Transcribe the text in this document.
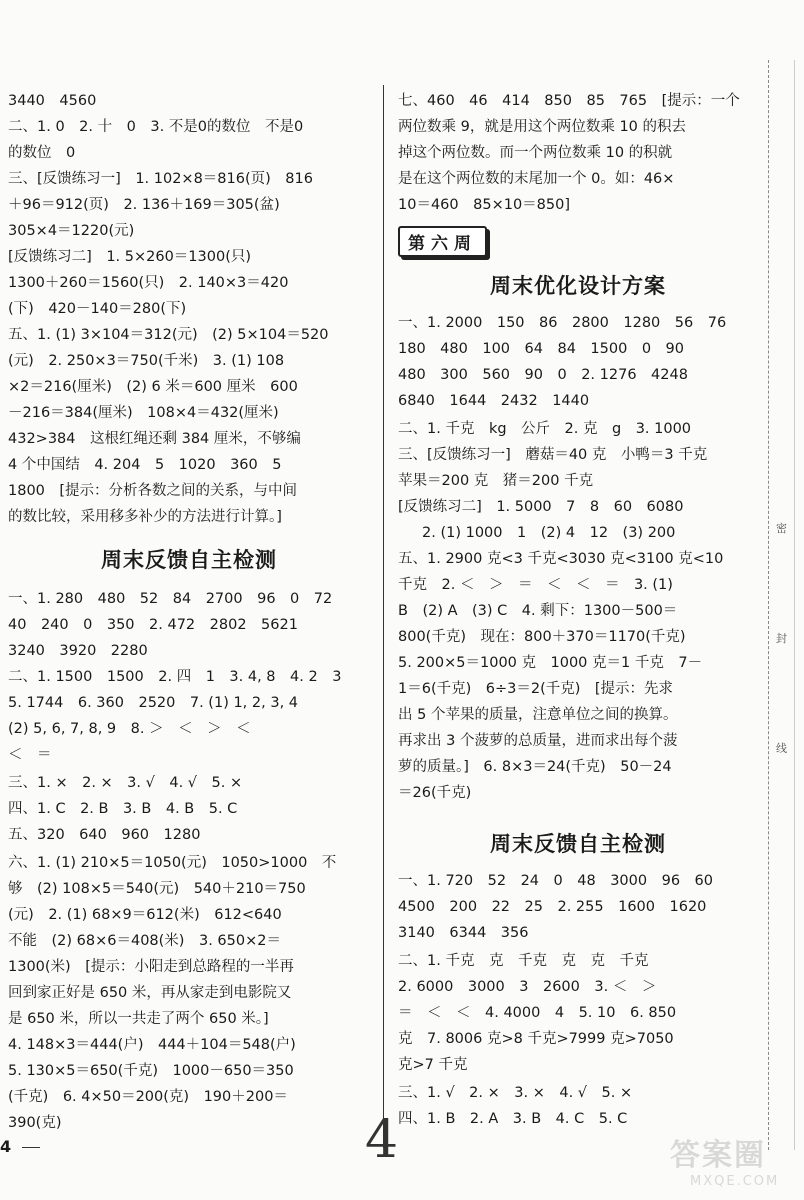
密
封
线
3440　4560
二、1. 0　2. 十　0　3. 不是0的数位　不是0
的数位　0
三、[反馈练习一]　1. 102×8＝816(页)　816
＋96＝912(页)　2. 136＋169＝305(盆)
305×4＝1220(元)
[反馈练习二]　1. 5×260＝1300(只)
1300＋260＝1560(只)　2. 140×3＝420
(下)　420－140＝280(下)
五、1. (1) 3×104＝312(元)　(2) 5×104＝520
(元)　2. 250×3＝750(千米)　3. (1) 108
×2＝216(厘米)　(2) 6 米＝600 厘米　600
－216＝384(厘米)　108×4＝432(厘米)
432>384　这根红绳还剩 384 厘米，不够编
4 个中国结　4. 204　5　1020　360　5
1800　[提示：分析各数之间的关系，与中间
的数比较，采用移多补少的方法进行计算。]
周末反馈自主检测
一、1. 280　480　52　84　2700　96　0　72
40　240　0　350　2. 472　2802　5621
3240　3920　2280
二、1. 1500　1500　2. 四　1　3. 4, 8　4. 2　3
5. 1744　6. 360　2520　7. (1) 1, 2, 3, 4
(2) 5, 6, 7, 8, 9　8. ＞　＜　＞　＜
＜　＝
三、1. ×　2. ×　3. √　4. √　5. ×
四、1. C　2. B　3. B　4. B　5. C
五、320　640　960　1280
六、1. (1) 210×5＝1050(元)　1050>1000　不
够　(2) 108×5＝540(元)　540＋210＝750
(元)　2. (1) 68×9＝612(米)　612<640
不能　(2) 68×6＝408(米)　3. 650×2＝
1300(米)　[提示：小阳走到总路程的一半再
回到家正好是 650 米，再从家走到电影院又
是 650 米，所以一共走了两个 650 米。]
4. 148×3＝444(户)　444＋104＝548(户)
5. 130×5＝650(千克)　1000－650＝350
(千克)　6. 4×50＝200(克)　190＋200＝
390(克)
七、460　46　414　850　85　765　[提示：一个
两位数乘 9，就是用这个两位数乘 10 的积去
掉这个两位数。而一个两位数乘 10 的积就
是在这个两位数的末尾加一个 0。如：46×
10＝460　85×10＝850]
第六周
周末优化设计方案
一、1. 2000　150　86　2800　1280　56　76
180　480　100　64　84　1500　0　90
480　300　560　90　0　2. 1276　4248
6840　1644　2432　1440
二、1. 千克　kg　公斤　2. 克　g　3. 1000
三、[反馈练习一]　蘑菇＝40 克　小鸭＝3 千克
苹果＝200 克　猪＝200 千克
[反馈练习二]　1. 5000　7　8　60　6080
2. (1) 1000　1　(2) 4　12　(3) 200
五、1. 2900 克<3 千克<3030 克<3100 克<10
千克　2. ＜　＞　＝　＜　＜　＝　3. (1)
B　(2) A　(3) C　4. 剩下：1300－500＝
800(千克)　现在：800＋370＝1170(千克)
5. 200×5＝1000 克　1000 克＝1 千克　7－
1＝6(千克)　6÷3＝2(千克)　[提示：先求
出 5 个苹果的质量，注意单位之间的换算。
再求出 3 个菠萝的总质量，进而求出每个菠
萝的质量。]　6. 8×3＝24(千克)　50－24
＝26(千克)
周末反馈自主检测
一、1. 720　52　24　0　48　3000　96　60
4500　200　22　25　2. 255　1600　1620
3140　6344　356
二、1. 千克　克　千克　克　克　千克
2. 6000　3000　3　2600　3. ＜　＞
＝　＜　＜　4. 4000　4　5. 10　6. 850
克　7. 8006 克>8 千克>7999 克>7050
克>7 千克
三、1. √　2. ×　3. ×　4. √　5. ×
四、1. B　2. A　3. B　4. C　5. C
4	4	答案圈
MXQE.COM
